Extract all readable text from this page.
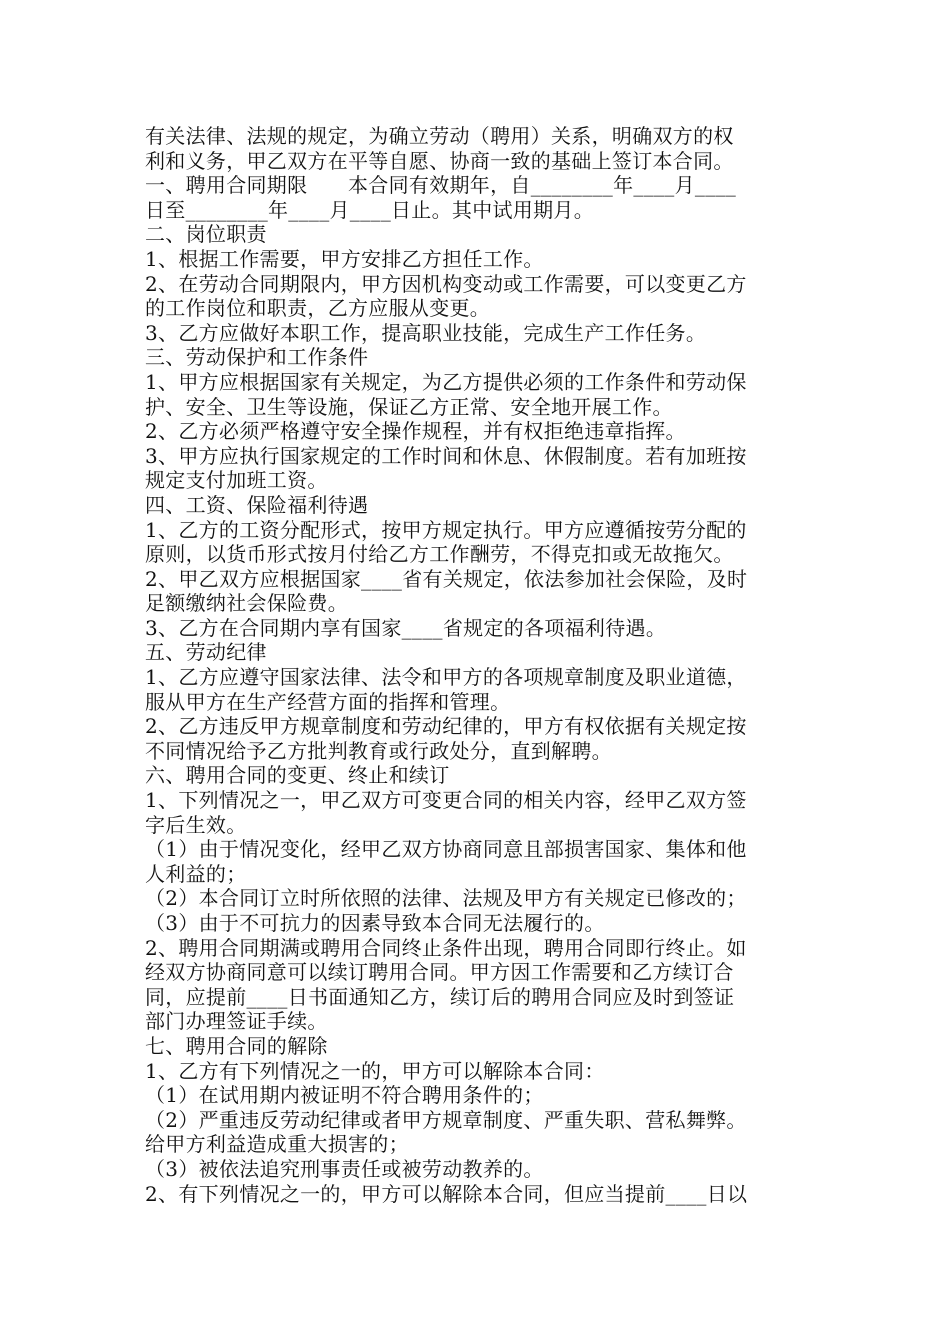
有关法律、法规的规定，为确立劳动（聘用）关系，明确双方的权
利和义务，甲乙双方在平等自愿、协商一致的基础上签订本合同。
一、聘用合同期限　　本合同有效期年，自________年____月____
日至________年____月____日止。其中试用期月。
二、岗位职责
1、根据工作需要，甲方安排乙方担任工作。
2、在劳动合同期限内，甲方因机构变动或工作需要，可以变更乙方
的工作岗位和职责，乙方应服从变更。
3、乙方应做好本职工作，提高职业技能，完成生产工作任务。
三、劳动保护和工作条件
1、甲方应根据国家有关规定，为乙方提供必须的工作条件和劳动保
护、安全、卫生等设施，保证乙方正常、安全地开展工作。
2、乙方必须严格遵守安全操作规程，并有权拒绝违章指挥。
3、甲方应执行国家规定的工作时间和休息、休假制度。若有加班按
规定支付加班工资。
四、工资、保险福利待遇
1、乙方的工资分配形式，按甲方规定执行。甲方应遵循按劳分配的
原则，以货币形式按月付给乙方工作酬劳，不得克扣或无故拖欠。
2、甲乙双方应根据国家____省有关规定，依法参加社会保险，及时
足额缴纳社会保险费。
3、乙方在合同期内享有国家____省规定的各项福利待遇。
五、劳动纪律
1、乙方应遵守国家法律、法令和甲方的各项规章制度及职业道德，
服从甲方在生产经营方面的指挥和管理。
2、乙方违反甲方规章制度和劳动纪律的，甲方有权依据有关规定按
不同情况给予乙方批判教育或行政处分，直到解聘。
六、聘用合同的变更、终止和续订
1、下列情况之一，甲乙双方可变更合同的相关内容，经甲乙双方签
字后生效。
（1）由于情况变化，经甲乙双方协商同意且部损害国家、集体和他
人利益的；
（2）本合同订立时所依照的法律、法规及甲方有关规定已修改的；
（3）由于不可抗力的因素导致本合同无法履行的。
2、聘用合同期满或聘用合同终止条件出现，聘用合同即行终止。如
经双方协商同意可以续订聘用合同。甲方因工作需要和乙方续订合
同，应提前____日书面通知乙方，续订后的聘用合同应及时到签证
部门办理签证手续。
七、聘用合同的解除
1、乙方有下列情况之一的，甲方可以解除本合同：
（1）在试用期内被证明不符合聘用条件的；
（2）严重违反劳动纪律或者甲方规章制度、严重失职、营私舞弊。
给甲方利益造成重大损害的；
（3）被依法追究刑事责任或被劳动教养的。
2、有下列情况之一的，甲方可以解除本合同，但应当提前____日以
